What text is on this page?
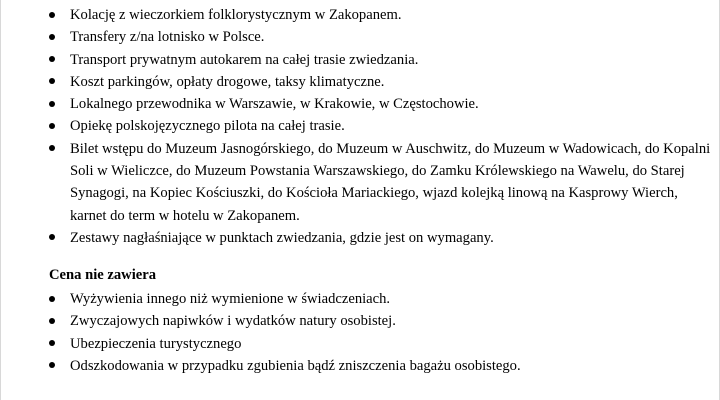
Kolację z wieczorkiem folklorystycznym w Zakopanem.
Transfery z/na lotnisko w Polsce.
Transport prywatnym autokarem na całej trasie zwiedzania.
Koszt parkingów, opłaty drogowe, taksy klimatyczne.
Lokalnego przewodnika w Warszawie, w Krakowie, w Częstochowie.
Opiekę polskojęzycznego pilota na całej trasie.
Bilet wstępu do Muzeum Jasnogórskiego, do Muzeum w Auschwitz, do Muzeum w Wadowicach, do Kopalni Soli w Wieliczce, do Muzeum Powstania Warszawskiego, do Zamku Królewskiego na Wawelu, do Starej Synagogi, na Kopiec Kościuszki, do Kościoła Mariackiego, wjazd kolejką linową na Kasprowy Wierch, karnet do term w hotelu w Zakopanem.
Zestawy nagłaśniające w punktach zwiedzania, gdzie jest on wymagany.
Cena nie zawiera
Wyżywienia innego niż wymienione w świadczeniach.
Zwyczajowych napiwków i wydatków natury osobistej.
Ubezpieczenia turystycznego
Odszkodowania w przypadku zgubienia bądź zniszczenia bagażu osobistego.
